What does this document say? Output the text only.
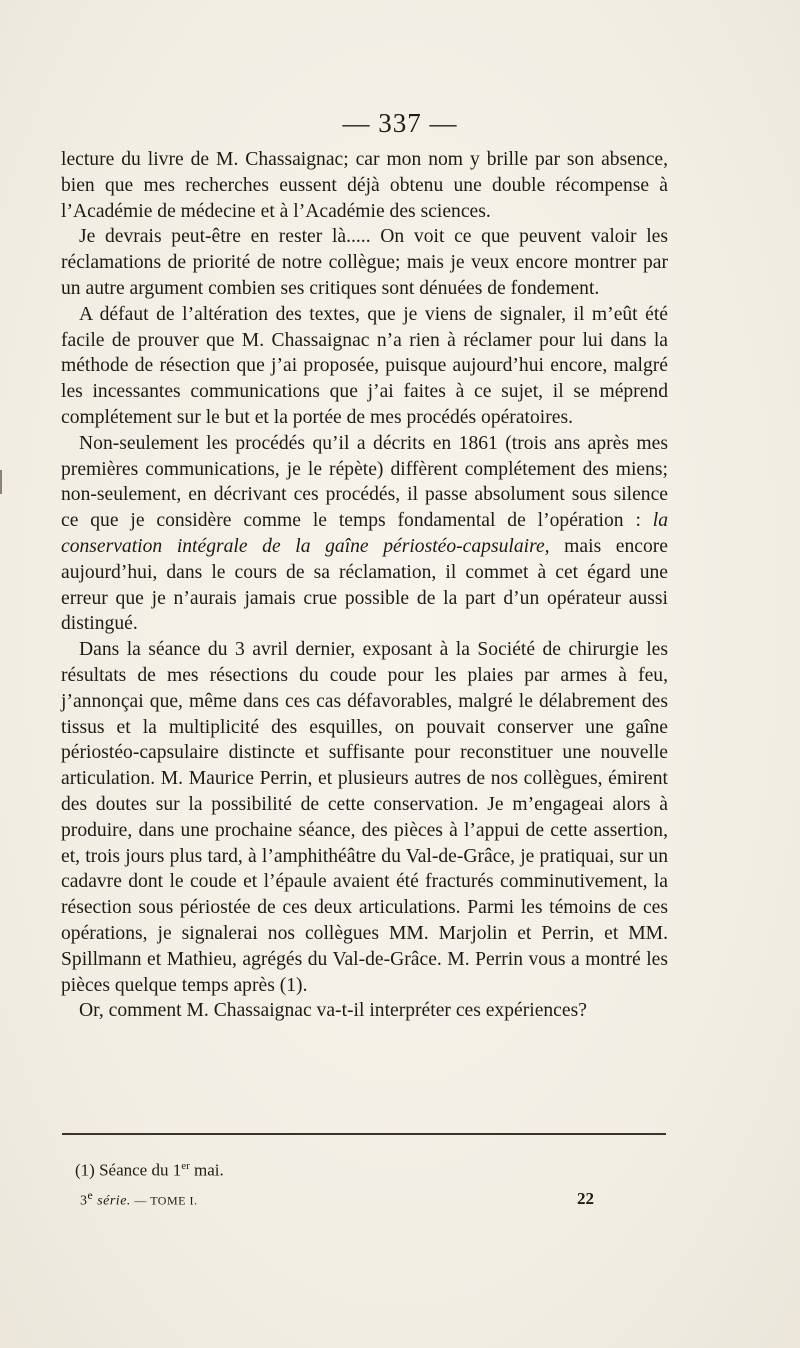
— 337 —

lecture du livre de M. Chassaignac; car mon nom y brille par son absence, bien que mes recherches eussent déjà obtenu une double récompense à l’Académie de médecine et à l’Académie des sciences.

Je devrais peut-être en rester là..... On voit ce que peuvent valoir les réclamations de priorité de notre collègue; mais je veux encore montrer par un autre argument combien ses critiques sont dénuées de fondement.

A défaut de l’altération des textes, que je viens de signaler, il m’eût été facile de prouver que M. Chassaignac n’a rien à réclamer pour lui dans la méthode de résection que j’ai proposée, puisque aujourd’hui encore, malgré les incessantes communications que j’ai faites à ce sujet, il se méprend complétement sur le but et la portée de mes procédés opératoires.

Non-seulement les procédés qu’il a décrits en 1861 (trois ans après mes premières communications, je le répète) diffèrent complétement des miens; non-seulement, en décrivant ces procédés, il passe absolument sous silence ce que je considère comme le temps fondamental de l’opération : la conservation intégrale de la gaîne périostéo-capsulaire, mais encore aujourd’hui, dans le cours de sa réclamation, il commet à cet égard une erreur que je n’aurais jamais crue possible de la part d’un opérateur aussi distingué.

Dans la séance du 3 avril dernier, exposant à la Société de chirurgie les résultats de mes résections du coude pour les plaies par armes à feu, j’annonçai que, même dans ces cas défavorables, malgré le délabrement des tissus et la multiplicité des esquilles, on pouvait conserver une gaîne périostéo-capsulaire distincte et suffisante pour reconstituer une nouvelle articulation. M. Maurice Perrin, et plusieurs autres de nos collègues, émirent des doutes sur la possibilité de cette conservation. Je m’engageai alors à produire, dans une prochaine séance, des pièces à l’appui de cette assertion, et, trois jours plus tard, à l’amphithéâtre du Val-de-Grâce, je pratiquai, sur un cadavre dont le coude et l’épaule avaient été fracturés comminutivement, la résection sous périostée de ces deux articulations. Parmi les témoins de ces opérations, je signalerai nos collègues MM. Marjolin et Perrin, et MM. Spillmann et Mathieu, agrégés du Val-de-Grâce. M. Perrin vous a montré les pièces quelque temps après (1).

Or, comment M. Chassaignac va-t-il interpréter ces expériences?

(1) Séance du 1er mai.
3e série. — TOME I.	22
